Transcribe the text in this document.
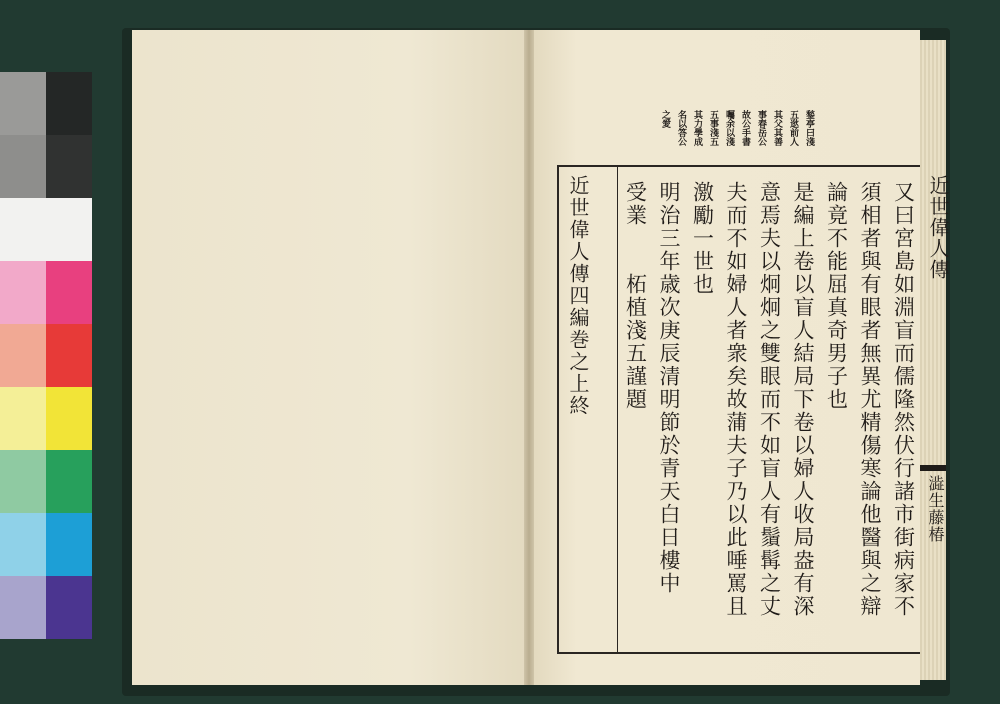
鍫亭曰淺
五逖前人
其父其善
事春岳公
故公手書
囑余以淺
五事淺五
其力學成
名以答公
之愛
又曰宮島如淵盲而儒隆然伏行諸市街病家不
須相者與有眼者無異尤精傷寒論他醫與之辯
論竟不能屈真奇男子也
是編上卷以盲人結局下卷以婦人收局盎有深
意焉夫以炯炯之雙眼而不如盲人有鬚髯之丈
夫而不如婦人者衆矣故蒲夫子乃以此唾罵且
激勵一世也
明治三年歳次庚辰清明節於青天白日樓中
受業　　柘植淺五謹題
近世偉人傳四編巻之上終	近世偉人傳
澁生藤椿
